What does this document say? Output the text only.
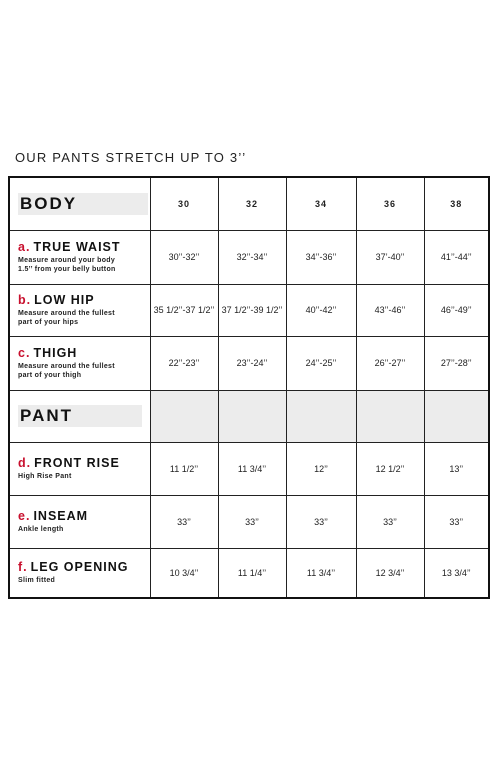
OUR PANTS STRETCH UP TO 3’’
BODY	30	32	34	36	38

a. TRUE WAIST
Measure around your body
1.5’’ from your belly button	30’’-32’’	32’’-34’’	34’’-36’’	37’-40’’	41’’-44’’

b. LOW HIP
Measure around the fullest
part of your hips	35 1/2’’-37 1/2’’	37 1/2’’-39 1/2’’	40’’-42’’	43’’-46’’	46’’-49’’

c. THIGH
Measure around the fullest
part of your thigh	22’’-23’’	23’’-24’’	24’’-25’’	26’’-27’’	27’’-28’’

PANT					

d. FRONT RISE
High Rise Pant	11 1/2’’	11 3/4’’	12’’	12 1/2’’	13’’

e. INSEAM
Ankle length	33’’	33’’	33’’	33’’	33’’

f. LEG OPENING
Slim fitted	10 3/4’’	11 1/4’’	11 3/4’’	12 3/4’’	13 3/4’’
